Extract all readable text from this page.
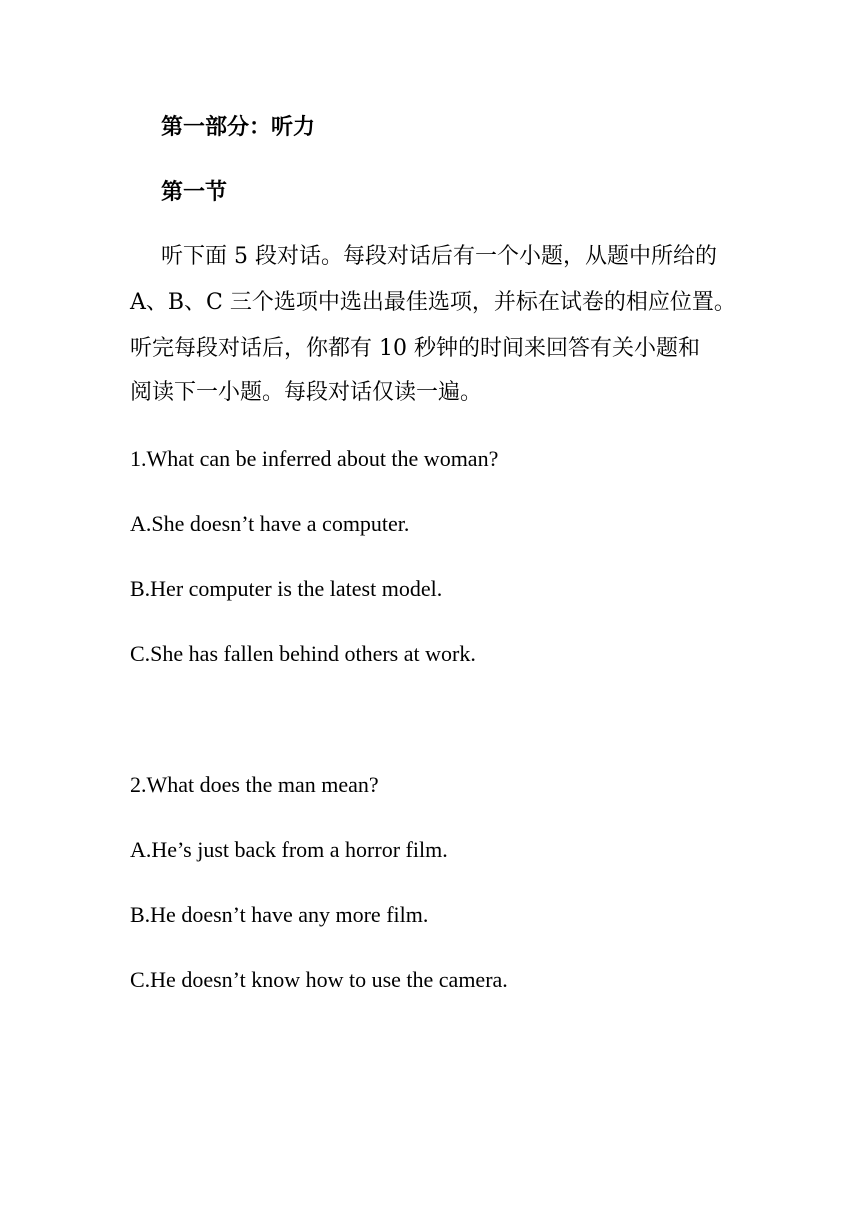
第一部分：听力
第一节
听下面 5 段对话。每段对话后有一个小题，从题中所给的
A、B、C 三个选项中选出最佳选项，并标在试卷的相应位置。
听完每段对话后，你都有 10 秒钟的时间来回答有关小题和
阅读下一小题。每段对话仅读一遍。
1.What can be inferred about the woman?
A.She doesn’t have a computer.
B.Her computer is the latest model.
C.She has fallen behind others at work.
2.What does the man mean?
A.He’s just back from a horror film.
B.He doesn’t have any more film.
C.He doesn’t know how to use the camera.
